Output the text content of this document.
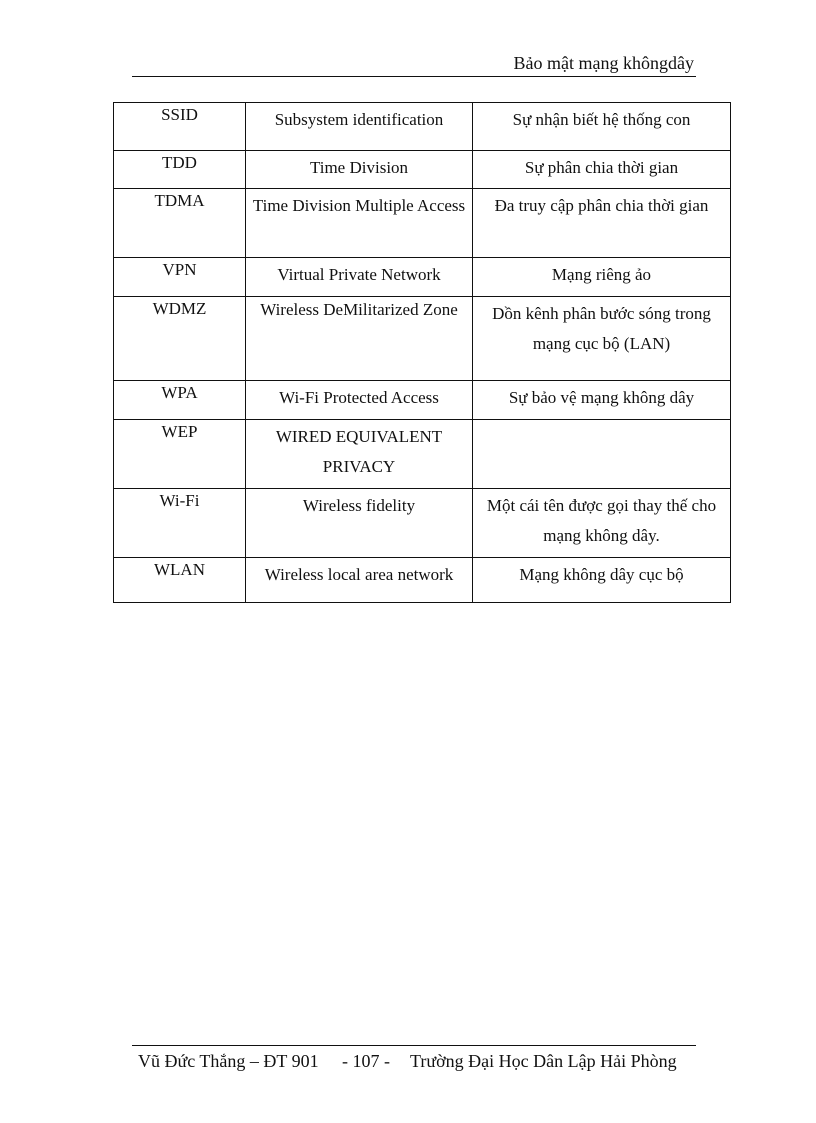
Bảo mật mạng khôngdây
SSID	Subsystem identification	Sự nhận biết hệ thống con
TDD	Time Division	Sự phân chia thời gian
TDMA	Time Division Multiple Access	Đa truy cập phân chia thời gian
VPN	Virtual Private Network	Mạng riêng ảo
WDMZ	Wireless DeMilitarized Zone	Dồn kênh phân bước sóng trong mạng cục bộ (LAN)
WPA	Wi-Fi Protected Access	Sự bảo vệ mạng không dây
WEP	WIRED EQUIVALENT PRIVACY	
Wi-Fi	Wireless fidelity	Một cái tên được gọi thay thế cho mạng không dây.
WLAN	Wireless local area network	Mạng không dây cục bộ
Vũ Đức Thắng – ĐT 901 - 107 - Trường Đại Học Dân Lập Hải Phòng
